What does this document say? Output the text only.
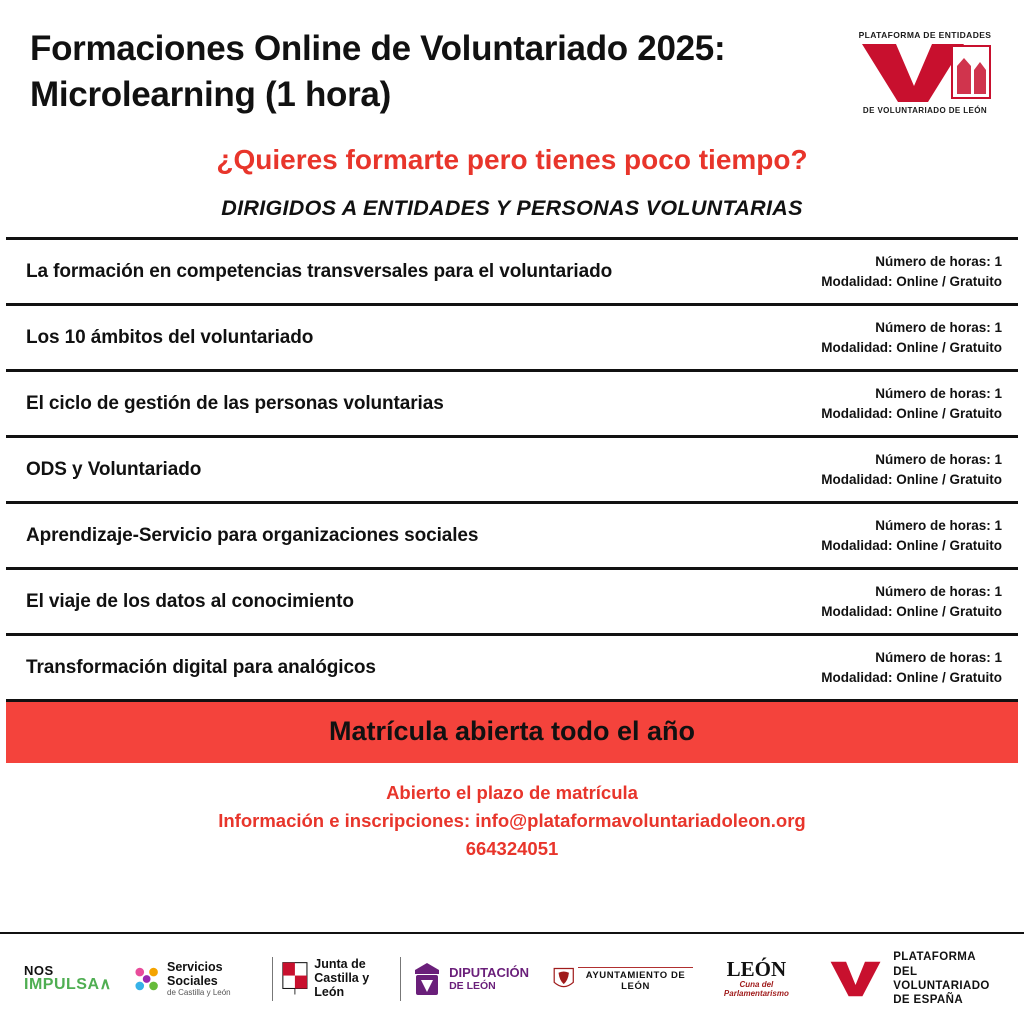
Formaciones Online de Voluntariado 2025:
Microlearning (1 hora)
PLATAFORMA DE ENTIDADES
DE VOLUNTARIADO DE LEÓN
¿Quieres formarte pero tienes poco tiempo?
DIRIGIDOS A ENTIDADES Y PERSONAS VOLUNTARIAS
La formación en competencias transversales para el voluntariado	Número de horas: 1
Modalidad: Online / Gratuito
Los 10 ámbitos del voluntariado	Número de horas: 1
Modalidad: Online / Gratuito
El ciclo de gestión de las personas voluntarias	Número de horas: 1
Modalidad: Online / Gratuito
ODS y Voluntariado	Número de horas: 1
Modalidad: Online / Gratuito
Aprendizaje-Servicio para organizaciones sociales	Número de horas: 1
Modalidad: Online / Gratuito
El viaje de los datos al conocimiento	Número de horas: 1
Modalidad: Online / Gratuito
Transformación digital para analógicos	Número de horas: 1
Modalidad: Online / Gratuito
Matrícula abierta todo el año
Abierto el plazo de matrícula
Información e inscripciones: info@plataformavoluntariadoleon.org
664324051
NOS
IMPULSA∧
Servicios Sociales
de Castilla y León
Junta de
Castilla y León
DIPUTACIÓN
DE LEÓN
AYUNTAMIENTO DE LEÓN
LEÓN
Cuna del Parlamentarismo
PLATAFORMA
DEL VOLUNTARIADO
DE ESPAÑA
